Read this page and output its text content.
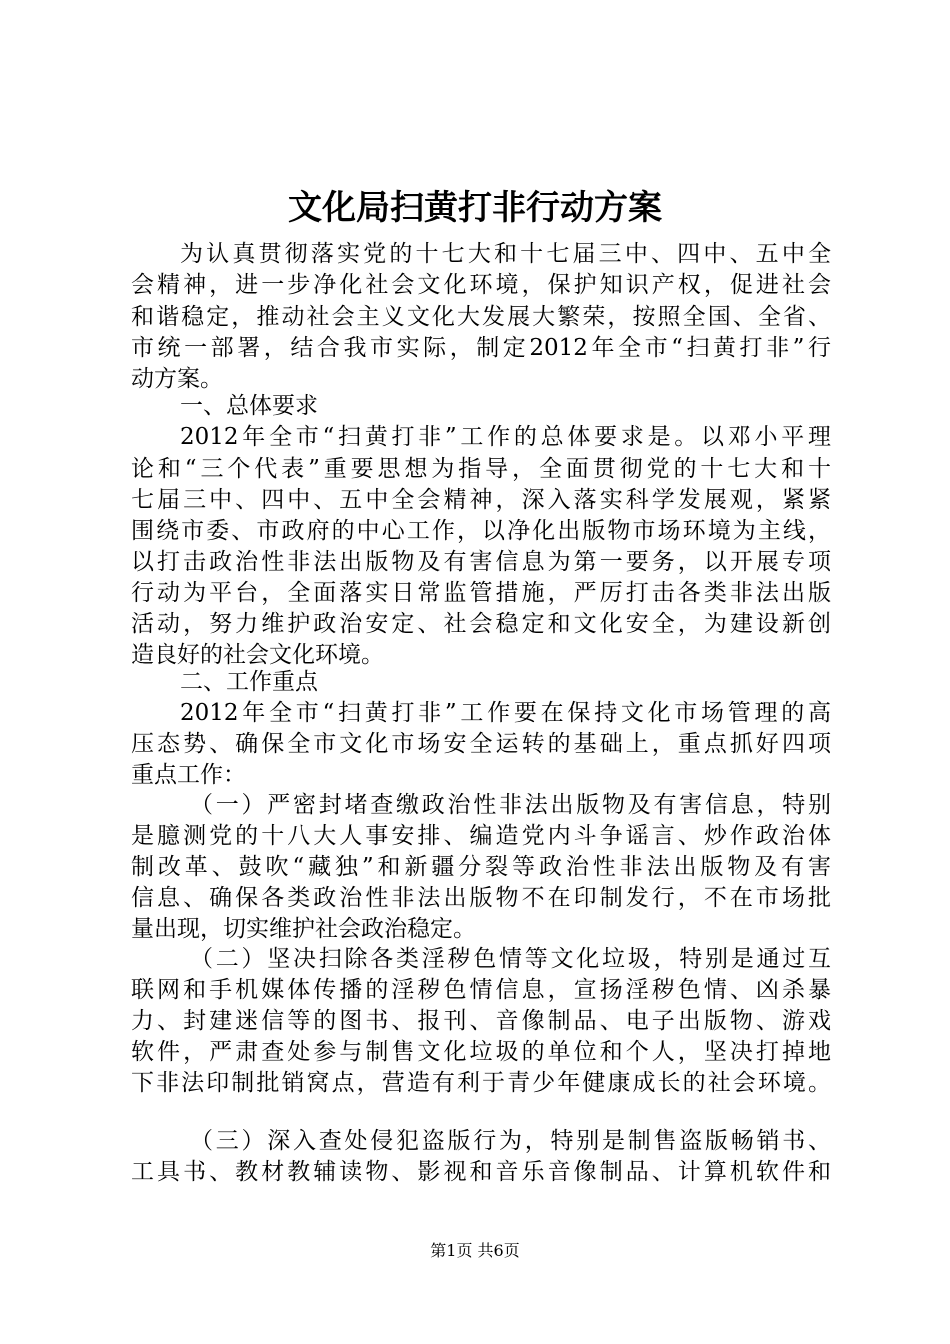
文化局扫黄打非行动方案
为认真贯彻落实党的十七大和十七届三中、四中、五中全
会精神，进一步净化社会文化环境，保护知识产权，促进社会
和谐稳定，推动社会主义文化大发展大繁荣，按照全国、全省、
市统一部署，结合我市实际，制定2012年全市“扫黄打非”行
动方案。
一、总体要求
2012年全市“扫黄打非”工作的总体要求是。以邓小平理
论和“三个代表”重要思想为指导，全面贯彻党的十七大和十
七届三中、四中、五中全会精神，深入落实科学发展观，紧紧
围绕市委、市政府的中心工作，以净化出版物市场环境为主线，
以打击政治性非法出版物及有害信息为第一要务，以开展专项
行动为平台，全面落实日常监管措施，严厉打击各类非法出版
活动，努力维护政治安定、社会稳定和文化安全，为建设新创
造良好的社会文化环境。
二、工作重点
2012年全市“扫黄打非”工作要在保持文化市场管理的高
压态势、确保全市文化市场安全运转的基础上，重点抓好四项
重点工作：
（一）严密封堵查缴政治性非法出版物及有害信息，特别
是臆测党的十八大人事安排、编造党内斗争谣言、炒作政治体
制改革、鼓吹“藏独”和新疆分裂等政治性非法出版物及有害
信息、确保各类政治性非法出版物不在印制发行，不在市场批
量出现，切实维护社会政治稳定。
（二）坚决扫除各类淫秽色情等文化垃圾，特别是通过互
联网和手机媒体传播的淫秽色情信息，宣扬淫秽色情、凶杀暴
力、封建迷信等的图书、报刊、音像制品、电子出版物、游戏
软件，严肃查处参与制售文化垃圾的单位和个人，坚决打掉地
下非法印制批销窝点，营造有利于青少年健康成长的社会环境。
（三）深入查处侵犯盗版行为，特别是制售盗版畅销书、
工具书、教材教辅读物、影视和音乐音像制品、计算机软件和
第1页 共6页
